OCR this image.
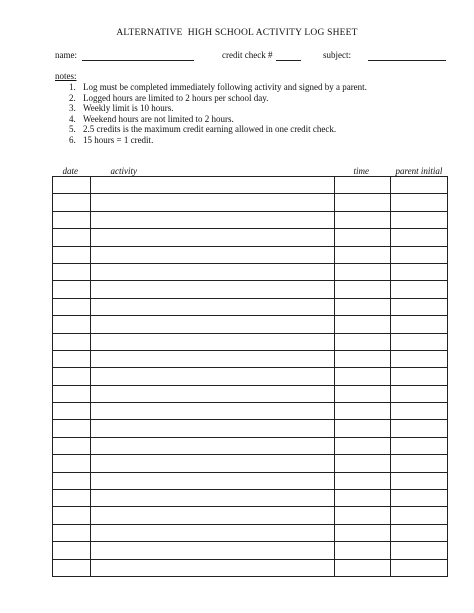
ALTERNATIVE  HIGH SCHOOL ACTIVITY LOG SHEET

name:

	credit check #

	subject:

notes:
1. Log must be completed immediately following activity and signed by a parent.
2. Logged hours are limited to 2 hours per school day.
3. Weekly limit is 10 hours.
4. Weekend hours are not limited to 2 hours.
5. 2.5 credits is the maximum credit earning allowed in one credit check.
6. 15 hours = 1 credit.
date	activity	time	parent initial
